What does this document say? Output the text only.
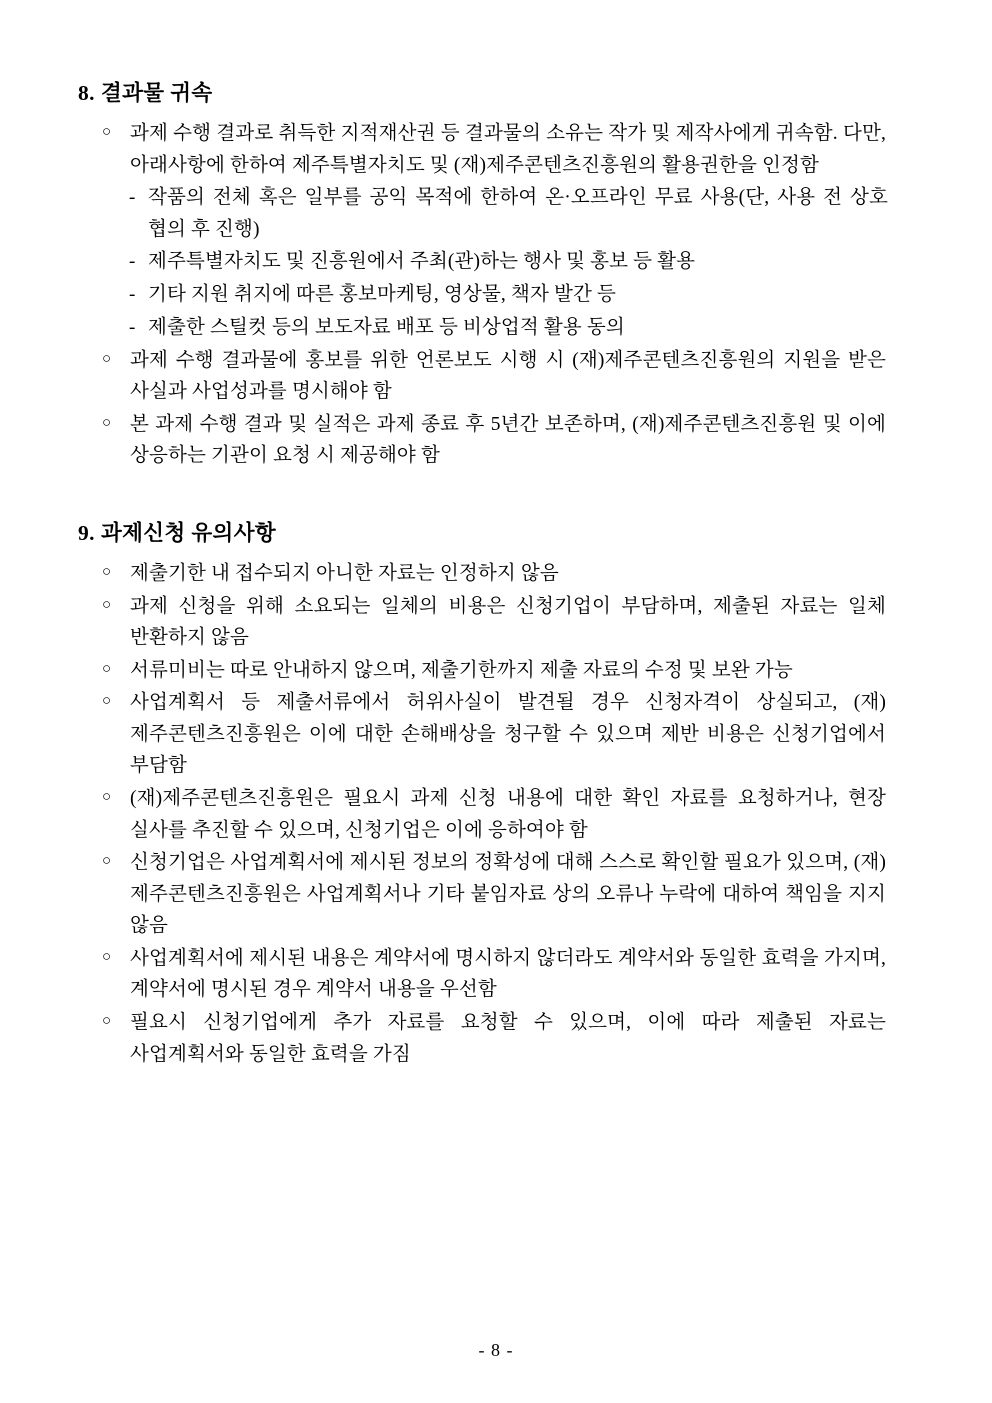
8. 결과물 귀속
○ 과제 수행 결과로 취득한 지적재산권 등 결과물의 소유는 작가 및 제작사에게 귀속함. 다만, 아래사항에 한하여 제주특별자치도 및 (재)제주콘텐츠진흥원의 활용권한을 인정함
- 작품의 전체 혹은 일부를 공익 목적에 한하여 온·오프라인 무료 사용(단, 사용 전 상호 협의 후 진행)
- 제주특별자치도 및 진흥원에서 주최(관)하는 행사 및 홍보 등 활용
- 기타 지원 취지에 따른 홍보마케팅, 영상물, 책자 발간 등
- 제출한 스틸컷 등의 보도자료 배포 등 비상업적 활용 동의
○ 과제 수행 결과물에 홍보를 위한 언론보도 시행 시 (재)제주콘텐츠진흥원의 지원을 받은 사실과 사업성과를 명시해야 함
○ 본 과제 수행 결과 및 실적은 과제 종료 후 5년간 보존하며, (재)제주콘텐츠진흥원 및 이에 상응하는 기관이 요청 시 제공해야 함
9. 과제신청 유의사항
○ 제출기한 내 접수되지 아니한 자료는 인정하지 않음
○ 과제 신청을 위해 소요되는 일체의 비용은 신청기업이 부담하며, 제출된 자료는 일체 반환하지 않음
○ 서류미비는 따로 안내하지 않으며, 제출기한까지 제출 자료의 수정 및 보완 가능
○ 사업계획서 등 제출서류에서 허위사실이 발견될 경우 신청자격이 상실되고, (재)제주콘텐츠진흥원은 이에 대한 손해배상을 청구할 수 있으며 제반 비용은 신청기업에서 부담함
○ (재)제주콘텐츠진흥원은 필요시 과제 신청 내용에 대한 확인 자료를 요청하거나, 현장 실사를 추진할 수 있으며, 신청기업은 이에 응하여야 함
○ 신청기업은 사업계획서에 제시된 정보의 정확성에 대해 스스로 확인할 필요가 있으며, (재)제주콘텐츠진흥원은 사업계획서나 기타 붙임자료 상의 오류나 누락에 대하여 책임을 지지 않음
○ 사업계획서에 제시된 내용은 계약서에 명시하지 않더라도 계약서와 동일한 효력을 가지며, 계약서에 명시된 경우 계약서 내용을 우선함
○ 필요시 신청기업에게 추가 자료를 요청할 수 있으며, 이에 따라 제출된 자료는 사업계획서와 동일한 효력을 가짐
- 8 -
